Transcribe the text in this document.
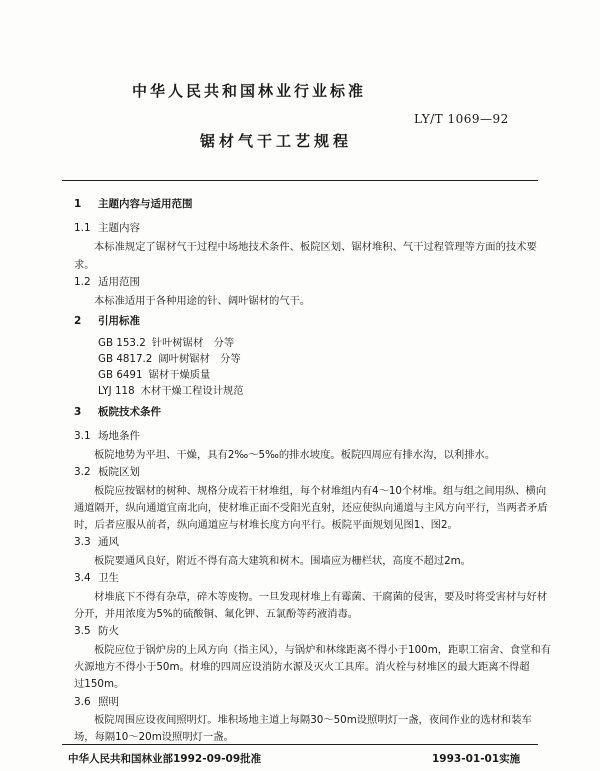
中华人民共和国林业行业标准
LY/T 1069—92
锯材气干工艺规程
1 主题内容与适用范围
1.1 主题内容
本标准规定了锯材气干过程中场地技术条件、板院区划、锯材堆积、气干过程管理等方面的技术要
求。
1.2 适用范围
本标准适用于各种用途的针、阔叶锯材的气干。
2 引用标准
GB 153.2 针叶树锯材　分等
GB 4817.2 阔叶树锯材　分等
GB 6491 锯材干燥质量
LYJ 118 木材干燥工程设计规范
3 板院技术条件
3.1 场地条件
板院地势为平坦、干燥，具有2‰～5‰的排水坡度。板院四周应有排水沟，以利排水。
3.2 板院区划
板院应按锯材的树种、规格分成若干材堆组，每个材堆组内有4～10个材堆。组与组之间用纵、横向
通道隔开，纵向通道宜南北向，使材堆正面不受阳光直射，还应使纵向通道与主风方向平行，当两者矛盾
时，后者应服从前者，纵向通道应与材堆长度方向平行。板院平面规划见图1、图2。
3.3 通风
板院要通风良好，附近不得有高大建筑和树木。围墙应为栅栏状，高度不超过2m。
3.4 卫生
材堆底下不得有杂草，碎木等废物。一旦发现材堆上有霉菌、干腐菌的侵害，要及时将受害材与好材
分开，并用浓度为5%的硫酸铜、氟化钾、五氯酚等药液消毒。
3.5 防火
板院应位于锅炉房的上风方向（指主风），与锅炉和林缘距离不得小于100m，距职工宿舍、食堂和有
火源地方不得小于50m。材堆的四周应设消防水源及灭火工具库。消火栓与材堆区的最大距离不得超
过150m。
3.6 照明
板院周围应设夜间照明灯。堆积场地主道上每隔30～50m设照明灯一盏，夜间作业的选材和装车
场，每隔10～20m设照明灯一盏。
中华人民共和国林业部1992-09-09批准	1993-01-01实施
